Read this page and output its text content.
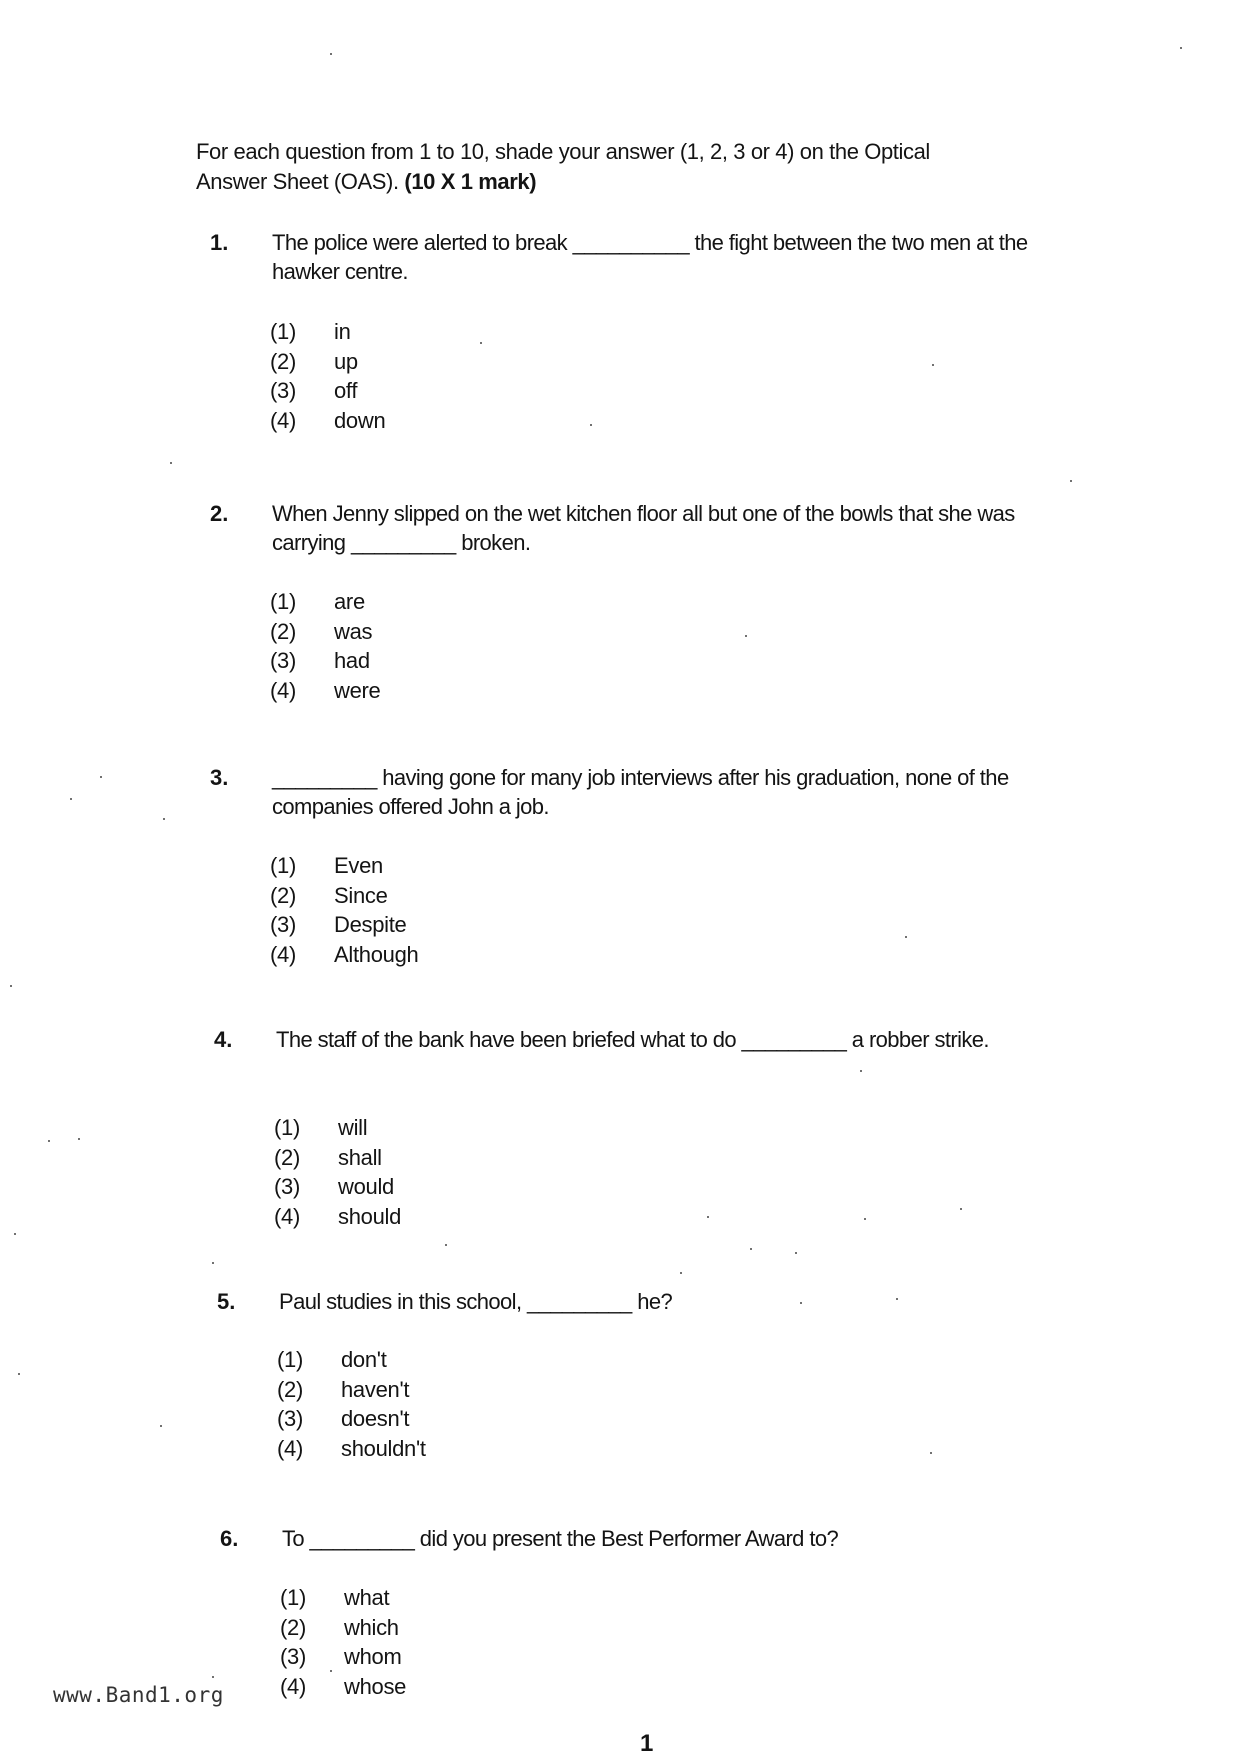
For each question from 1 to 10, shade your answer (1, 2, 3 or 4) on the Optical
Answer Sheet (OAS). (10 X 1 mark)
1. The police were alerted to break __________ the fight between the two men at the hawker centre.
(1) in
(2) up
(3) off
(4) down
2. When Jenny slipped on the wet kitchen floor all but one of the bowls that she was carrying _________ broken.
(1) are
(2) was
(3) had
(4) were
3. _________ having gone for many job interviews after his graduation, none of the companies offered John a job.
(1) Even
(2) Since
(3) Despite
(4) Although
4. The staff of the bank have been briefed what to do _________ a robber strike.
(1) will
(2) shall
(3) would
(4) should
5. Paul studies in this school, _________ he?
(1) don't
(2) haven't
(3) doesn't
(4) shouldn't
6. To _________ did you present the Best Performer Award to?
(1) what
(2) which
(3) whom
(4) whose
www.Band1.org
1
